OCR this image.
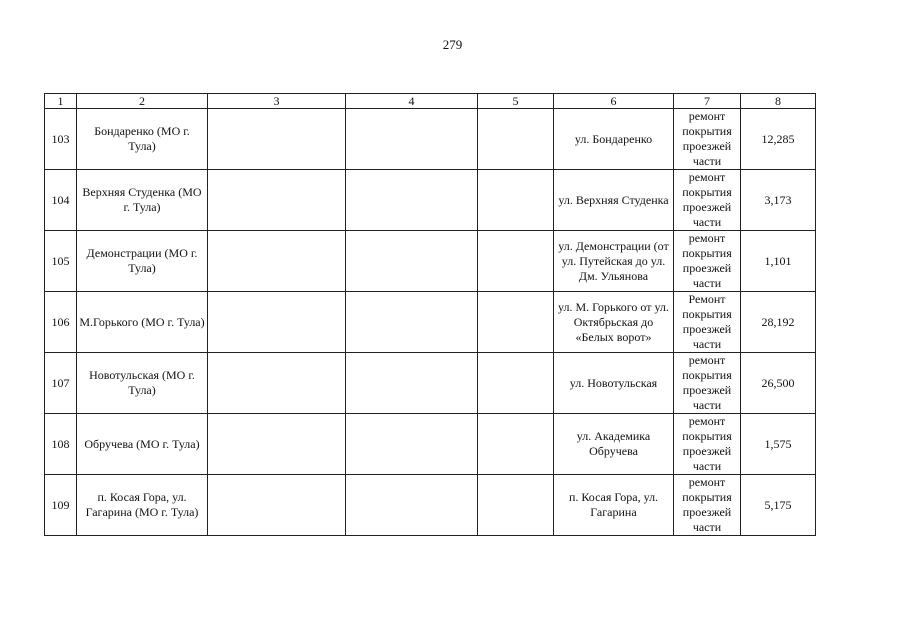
279
1	2	3	4	5	6	7	8
103	Бондаренко (МО г. Тула)				ул. Бондаренко	ремонт покрытия проезжей части	12,285
104	Верхняя Студенка (МО г. Тула)				ул. Верхняя Студенка	ремонт покрытия проезжей части	3,173
105	Демонстрации (МО г. Тула)				ул. Демонстрации (от ул. Путейская до ул. Дм. Ульянова	ремонт покрытия проезжей части	1,101
106	М.Горького (МО г. Тула)				ул. М. Горького от ул. Октябрьская до «Белых ворот»	Ремонт покрытия проезжей части	28,192
107	Новотульская (МО г. Тула)				ул. Новотульская	ремонт покрытия проезжей части	26,500
108	Обручева (МО г. Тула)				ул. Академика Обручева	ремонт покрытия проезжей части	1,575
109	п. Косая Гора, ул. Гагарина (МО г. Тула)				п. Косая Гора, ул. Гагарина	ремонт покрытия проезжей части	5,175
